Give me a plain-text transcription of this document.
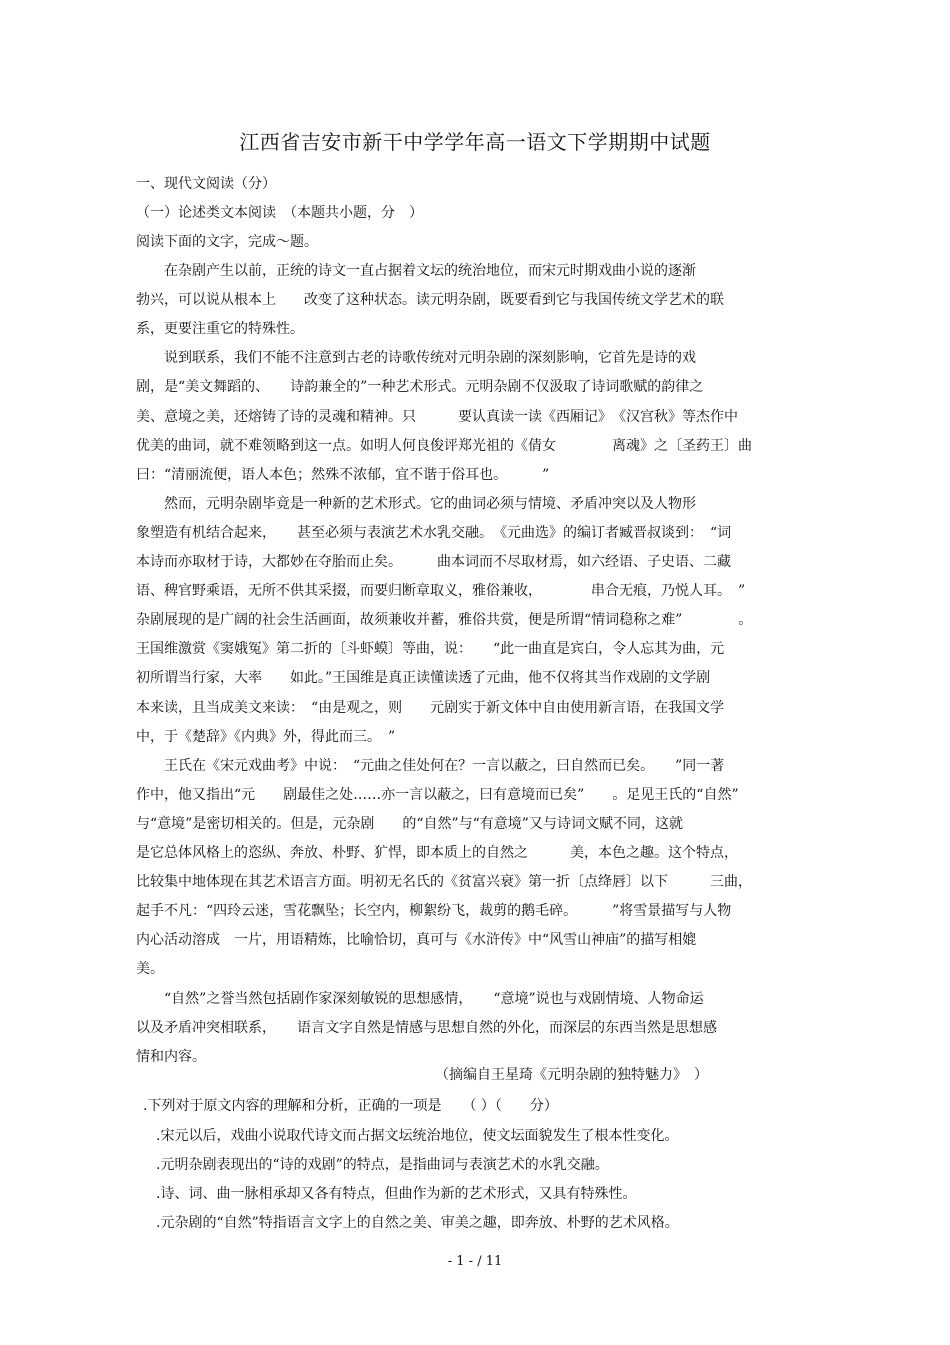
江西省吉安市新干中学学年高一语文下学期期中试题
一、现代文阅读（分）
（一）论述类文本阅读　（本题共小题，分　）
阅读下面的文字，完成～题。
　　在杂剧产生以前，正统的诗文一直占据着文坛的统治地位，而宋元时期戏曲小说的逐渐
勃兴，可以说从根本上　　改变了这种状态。读元明杂剧，既要看到它与我国传统文学艺术的联
系，更要注重它的特殊性。
　　说到联系，我们不能不注意到古老的诗歌传统对元明杂剧的深刻影响，它首先是诗的戏
剧，是“美文舞蹈的、　　诗韵兼全的”一种艺术形式。元明杂剧不仅汲取了诗词歌赋的韵律之
美、意境之美，还熔铸了诗的灵魂和精神。只　　　要认真读一读《西厢记》　《汉宫秋》等杰作中
优美的曲词，就不难领略到这一点。如明人何良俊评郑光祖的《倩女　　　　离魂》之〔圣药王〕曲
曰：“清丽流便，语人本色；然殊不浓郁，宜不谐于俗耳也。　　　”
　　然而，元明杂剧毕竟是一种新的艺术形式。它的曲词必须与情境、矛盾冲突以及人物形
象塑造有机结合起来，　　甚至必须与表演艺术水乳交融。　《元曲选》的编订者臧晋叔谈到：　“词
本诗而亦取材于诗，大都妙在夺胎而止矣。　　　曲本词而不尽取材焉，如六经语、子史语、二藏
语、稗官野乘语，无所不供其采掇，而要归断章取义，雅俗兼收，　　　　串合无痕，乃悦人耳。　”
杂剧展现的是广阔的社会生活画面，故须兼收并蓄，雅俗共赏，便是所谓“情词稳称之难”　　　　。
王国维激赏《窦娥冤》第二折的〔斗虾蟆〕等曲，说：　　“此一曲直是宾白，令人忘其为曲，元
初所谓当行家，大率　　如此。”王国维是真正读懂读透了元曲，他不仅将其当作戏剧的文学剧
本来读，且当成美文来读：　“由是观之，则　　元剧实于新文体中自由使用新言语，在我国文学
中，于《楚辞》《内典》外，得此而三。　”
　　王氏在《宋元戏曲考》中说：　“元曲之佳处何在？一言以蔽之，曰自然而已矣。　　”同一著
作中，他又指出“元　　剧最佳之处……亦一言以蔽之，曰有意境而已矣”　　。足见王氏的“自然”
与“意境”是密切相关的。但是，元杂剧　　的“自然”与“有意境”又与诗词文赋不同，这就
是它总体风格上的恣纵、奔放、朴野、犷悍，即本质上的自然之　　　美，本色之趣。这个特点，
比较集中地体现在其艺术语言方面。明初无名氏的《贫富兴衰》第一折〔点绛唇〕以下　　　三曲，
起手不凡：“四玲云迷，雪花飘坠；长空内，柳絮纷飞，裁剪的鹅毛碎。　　　”将雪景描写与人物
内心活动溶成　一片，用语精炼，比喻恰切，真可与《水浒传》中“风雪山神庙”的描写相媲
美。
　　“自然”之誉当然包括剧作家深刻敏锐的思想感情，　　“意境”说也与戏剧情境、人物命运
以及矛盾冲突相联系，　　语言文字自然是情感与思想自然的外化，而深层的东西当然是思想感
情和内容。
（摘编自王星琦《元明杂剧的独特魅力》　）
.下列对于原文内容的理解和分析，正确的一项是　　（ ）（　　分）
.宋元以后，戏曲小说取代诗文而占据文坛统治地位，使文坛面貌发生了根本性变化。
.元明杂剧表现出的“诗的戏剧”的特点，是指曲词与表演艺术的水乳交融。
.诗、词、曲一脉相承却又各有特点，但曲作为新的艺术形式，又具有特殊性。
.元杂剧的“自然”特指语言文字上的自然之美、审美之趣，即奔放、朴野的艺术风格。
- 1 - / 11
